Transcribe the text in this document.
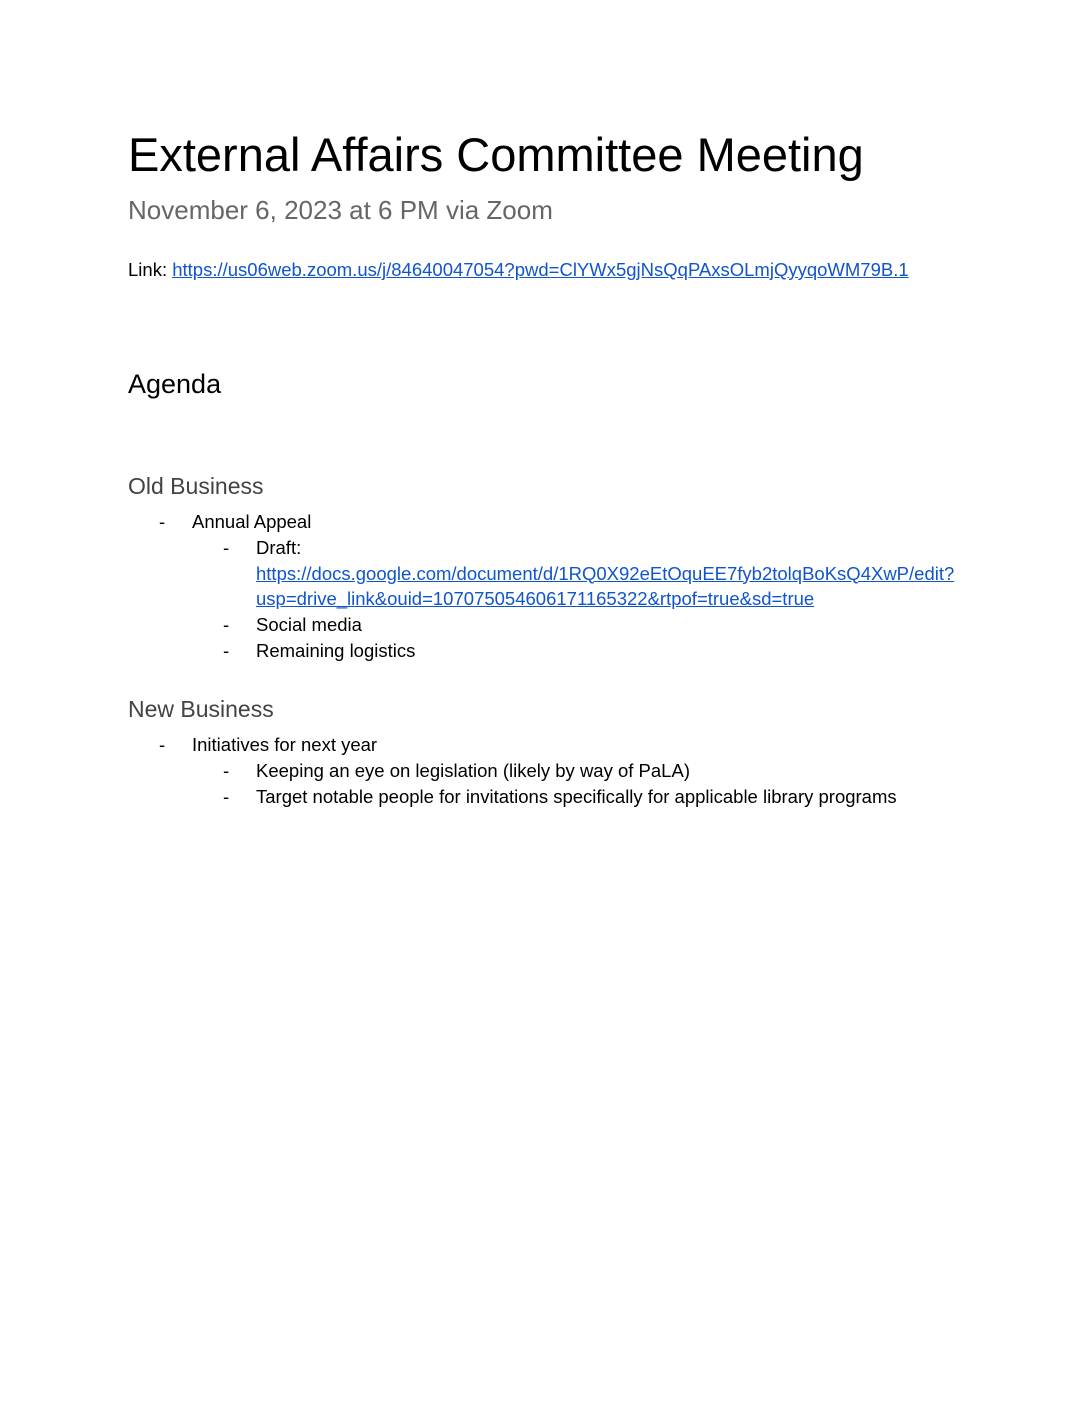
External Affairs Committee Meeting
November 6, 2023 at 6 PM via Zoom
Link: https://us06web.zoom.us/j/84640047054?pwd=ClYWx5gjNsQqPAxsOLmjQyyqoWM79B.1
Agenda
Old Business
- Annual Appeal
- Draft:
https://docs.google.com/document/d/1RQ0X92eEtOquEE7fyb2tolqBoKsQ4XwP/edit?usp=drive_link&ouid=107075054606171165322&rtpof=true&sd=true
- Social media
- Remaining logistics
New Business
- Initiatives for next year
- Keeping an eye on legislation (likely by way of PaLA)
- Target notable people for invitations specifically for applicable library programs
